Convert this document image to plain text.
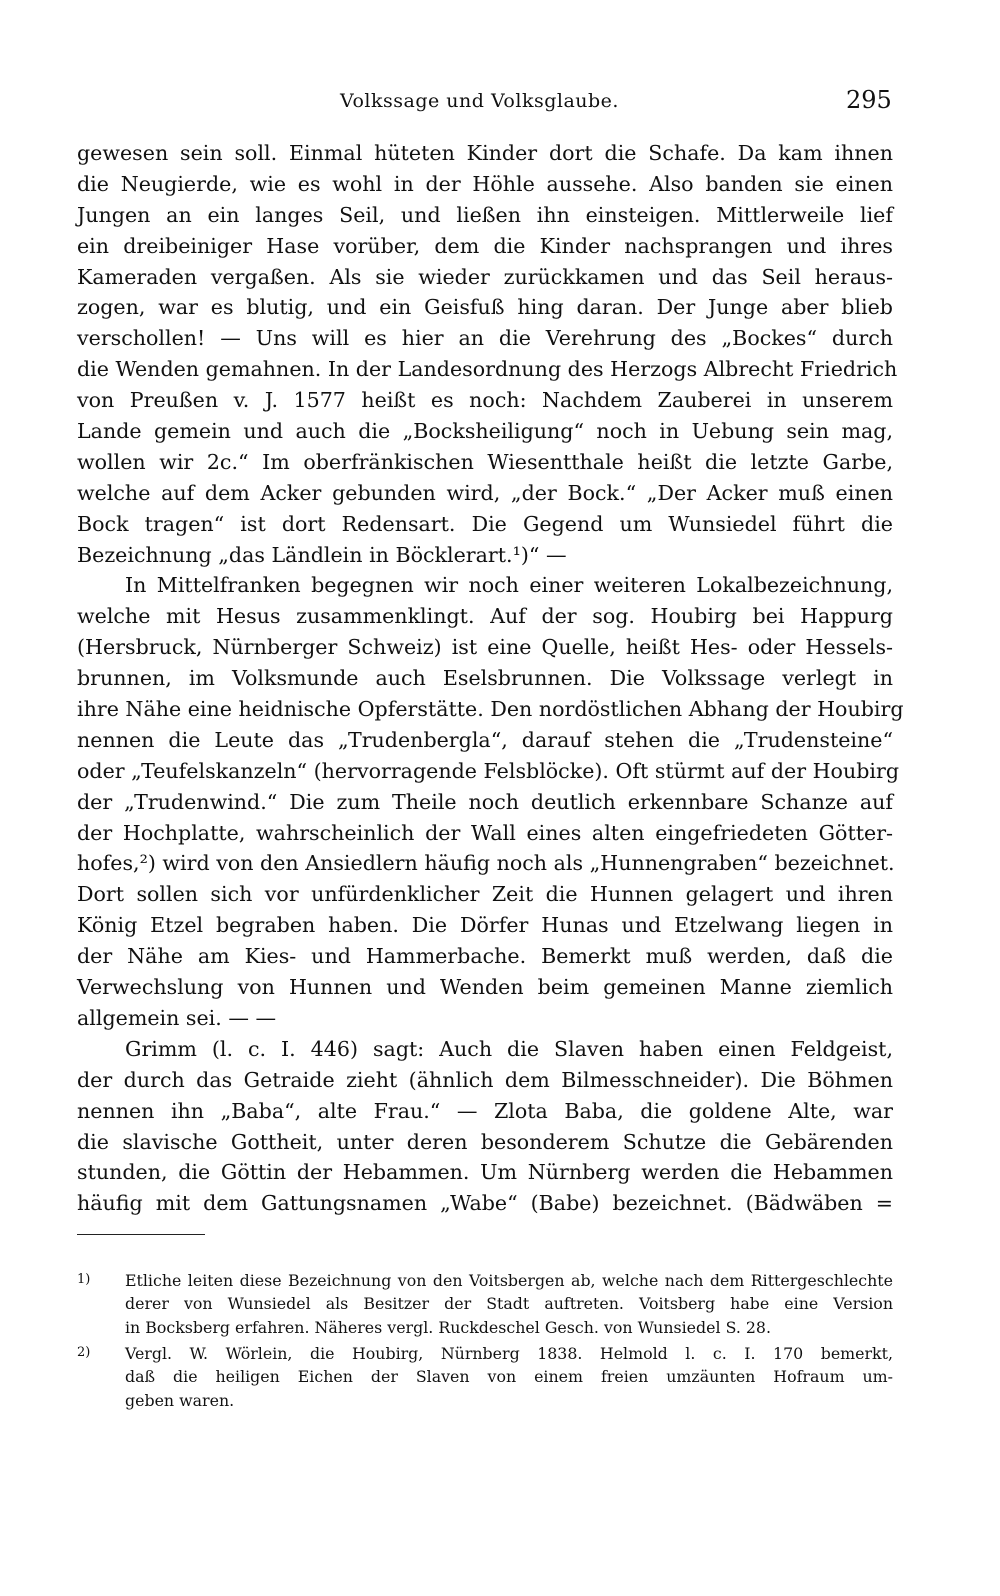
Volkssage und Volksglaube.	295
gewesen sein soll. Einmal hüteten Kinder dort die Schafe. Da kam ihnen
die Neugierde, wie es wohl in der Höhle aussehe. Also banden sie einen
Jungen an ein langes Seil, und ließen ihn einsteigen. Mittlerweile lief
ein dreibeiniger Hase vorüber, dem die Kinder nachsprangen und ihres
Kameraden vergaßen. Als sie wieder zurückkamen und das Seil heraus-
zogen, war es blutig, und ein Geisfuß hing daran. Der Junge aber blieb
verschollen! — Uns will es hier an die Verehrung des „Bockes“ durch
die Wenden gemahnen. In der Landesordnung des Herzogs Albrecht Friedrich
von Preußen v. J. 1577 heißt es noch: Nachdem Zauberei in unserem
Lande gemein und auch die „Bocksheiligung“ noch in Uebung sein mag,
wollen wir 2c.“ Im oberfränkischen Wiesentthale heißt die letzte Garbe,
welche auf dem Acker gebunden wird, „der Bock.“ „Der Acker muß einen
Bock tragen“ ist dort Redensart. Die Gegend um Wunsiedel führt die
Bezeichnung „das Ländlein in Böcklerart.¹)“ —
In Mittelfranken begegnen wir noch einer weiteren Lokalbezeichnung,
welche mit Hesus zusammenklingt. Auf der sog. Houbirg bei Happurg
(Hersbruck, Nürnberger Schweiz) ist eine Quelle, heißt Hes- oder Hessels-
brunnen, im Volksmunde auch Eselsbrunnen. Die Volkssage verlegt in
ihre Nähe eine heidnische Opferstätte. Den nordöstlichen Abhang der Houbirg
nennen die Leute das „Trudenbergla“, darauf stehen die „Trudensteine“
oder „Teufelskanzeln“ (hervorragende Felsblöcke). Oft stürmt auf der Houbirg
der „Trudenwind.“ Die zum Theile noch deutlich erkennbare Schanze auf
der Hochplatte, wahrscheinlich der Wall eines alten eingefriedeten Götter-
hofes,²) wird von den Ansiedlern häufig noch als „Hunnengraben“ bezeichnet.
Dort sollen sich vor unfürdenklicher Zeit die Hunnen gelagert und ihren
König Etzel begraben haben. Die Dörfer Hunas und Etzelwang liegen in
der Nähe am Kies- und Hammerbache. Bemerkt muß werden, daß die
Verwechslung von Hunnen und Wenden beim gemeinen Manne ziemlich
allgemein sei. — —
Grimm (l. c. I. 446) sagt: Auch die Slaven haben einen Feldgeist,
der durch das Getraide zieht (ähnlich dem Bilmesschneider). Die Böhmen
nennen ihn „Baba“, alte Frau.“ — Zlota Baba, die goldene Alte, war
die slavische Gottheit, unter deren besonderem Schutze die Gebärenden
stunden, die Göttin der Hebammen. Um Nürnberg werden die Hebammen
häufig mit dem Gattungsnamen „Wabe“ (Babe) bezeichnet. (Bädwäben =
1) Etliche leiten diese Bezeichnung von den Voitsbergen ab, welche nach dem Rittergeschlechte
derer von Wunsiedel als Besitzer der Stadt auftreten. Voitsberg habe eine Version
in Bocksberg erfahren. Näheres vergl. Ruckdeschel Gesch. von Wunsiedel S. 28.
2) Vergl. W. Wörlein, die Houbirg, Nürnberg 1838. Helmold l. c. I. 170 bemerkt,
daß die heiligen Eichen der Slaven von einem freien umzäunten Hofraum um-
geben waren.
